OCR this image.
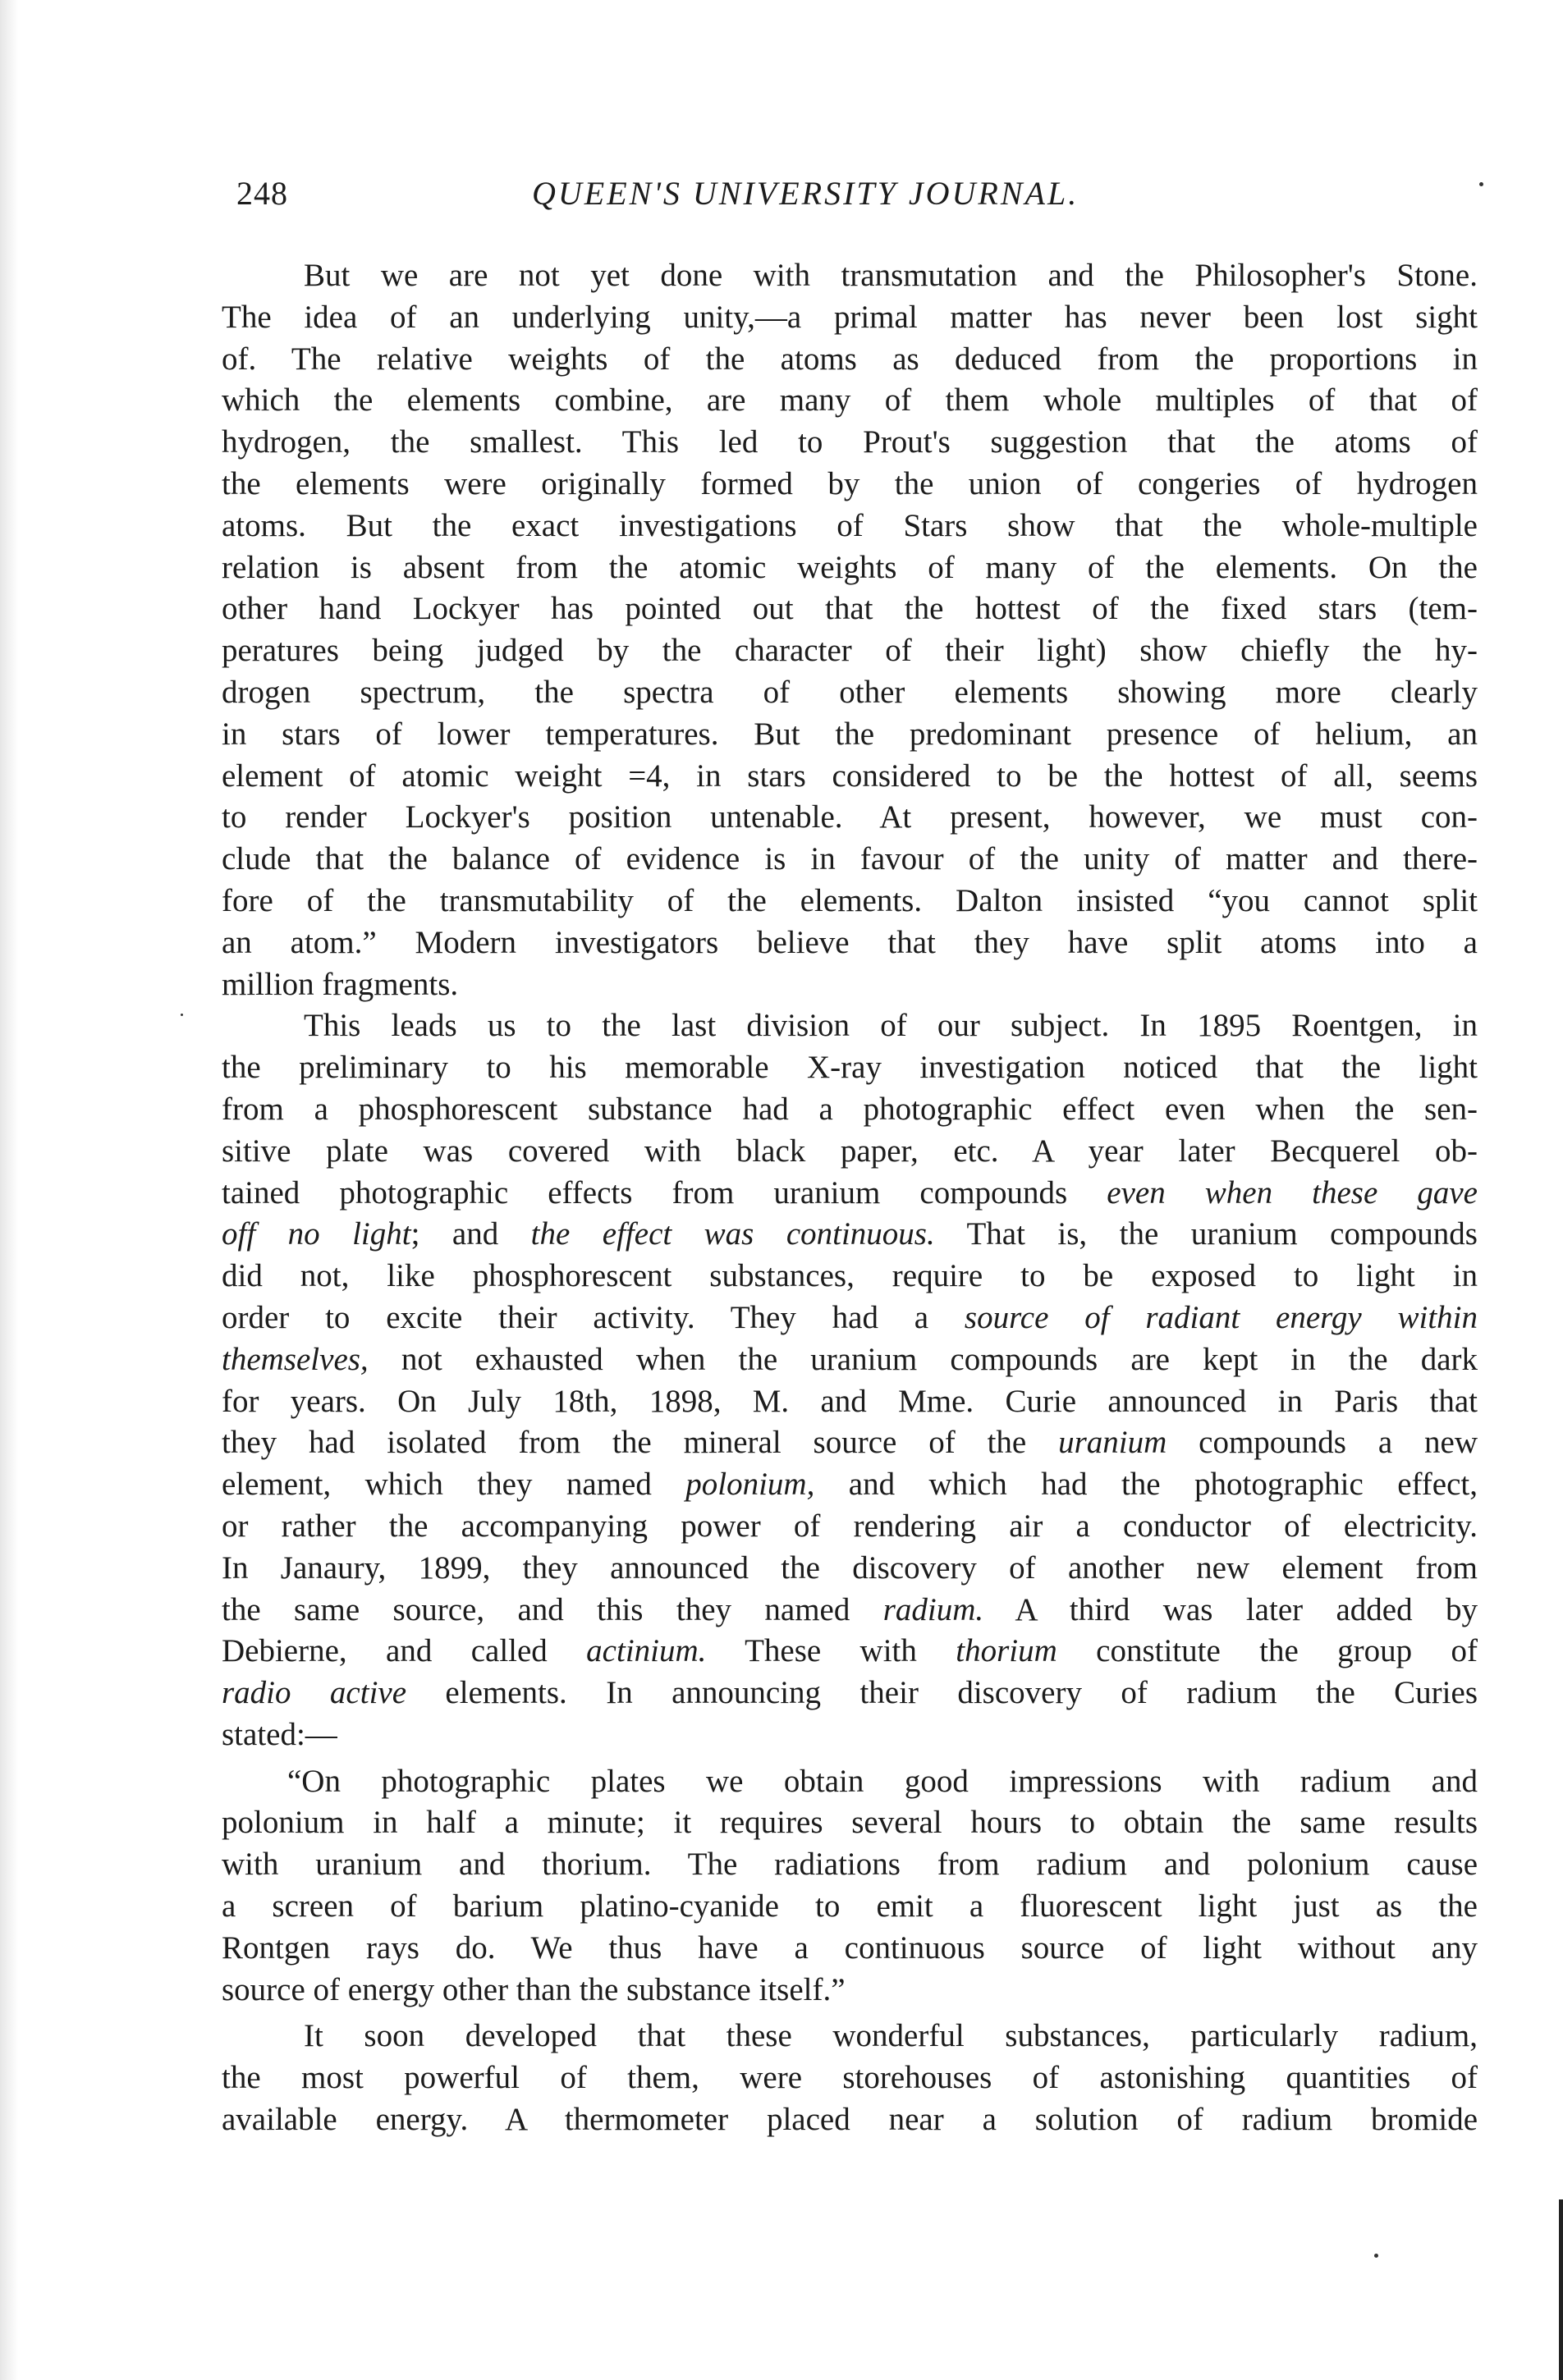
248	QUEEN'S UNIVERSITY JOURNAL.
But we are not yet done with transmutation and the Philosopher's Stone.
The idea of an underlying unity,—a primal matter has never been lost sight
of. The relative weights of the atoms as deduced from the proportions in
which the elements combine, are many of them whole multiples of that of
hydrogen, the smallest. This led to Prout's suggestion that the atoms of
the elements were originally formed by the union of congeries of hydrogen
atoms. But the exact investigations of Stars show that the whole-multiple
relation is absent from the atomic weights of many of the elements. On the
other hand Lockyer has pointed out that the hottest of the fixed stars (tem-
peratures being judged by the character of their light) show chiefly the hy-
drogen spectrum, the spectra of other elements showing more clearly
in stars of lower temperatures. But the predominant presence of helium, an
element of atomic weight =4, in stars considered to be the hottest of all, seems
to render Lockyer's position untenable. At present, however, we must con-
clude that the balance of evidence is in favour of the unity of matter and there-
fore of the transmutability of the elements. Dalton insisted “you cannot split
an atom.” Modern investigators believe that they have split atoms into a
million fragments.
This leads us to the last division of our subject. In 1895 Roentgen, in
the preliminary to his memorable X-ray investigation noticed that the light
from a phosphorescent substance had a photographic effect even when the sen-
sitive plate was covered with black paper, etc. A year later Becquerel ob-
tained photographic effects from uranium compounds even when these gave
off no light; and the effect was continuous. That is, the uranium compounds
did not, like phosphorescent substances, require to be exposed to light in
order to excite their activity. They had a source of radiant energy within
themselves, not exhausted when the uranium compounds are kept in the dark
for years. On July 18th, 1898, M. and Mme. Curie announced in Paris that
they had isolated from the mineral source of the uranium compounds a new
element, which they named polonium, and which had the photographic effect,
or rather the accompanying power of rendering air a conductor of electricity.
In Janaury, 1899, they announced the discovery of another new element from
the same source, and this they named radium. A third was later added by
Debierne, and called actinium. These with thorium constitute the group of
radio active elements. In announcing their discovery of radium the Curies
stated:—
“On photographic plates we obtain good impressions with radium and
polonium in half a minute; it requires several hours to obtain the same results
with uranium and thorium. The radiations from radium and polonium cause
a screen of barium platino-cyanide to emit a fluorescent light just as the
Rontgen rays do. We thus have a continuous source of light without any
source of energy other than the substance itself.”
It soon developed that these wonderful substances, particularly radium,
the most powerful of them, were storehouses of astonishing quantities of
available energy. A thermometer placed near a solution of radium bromide
